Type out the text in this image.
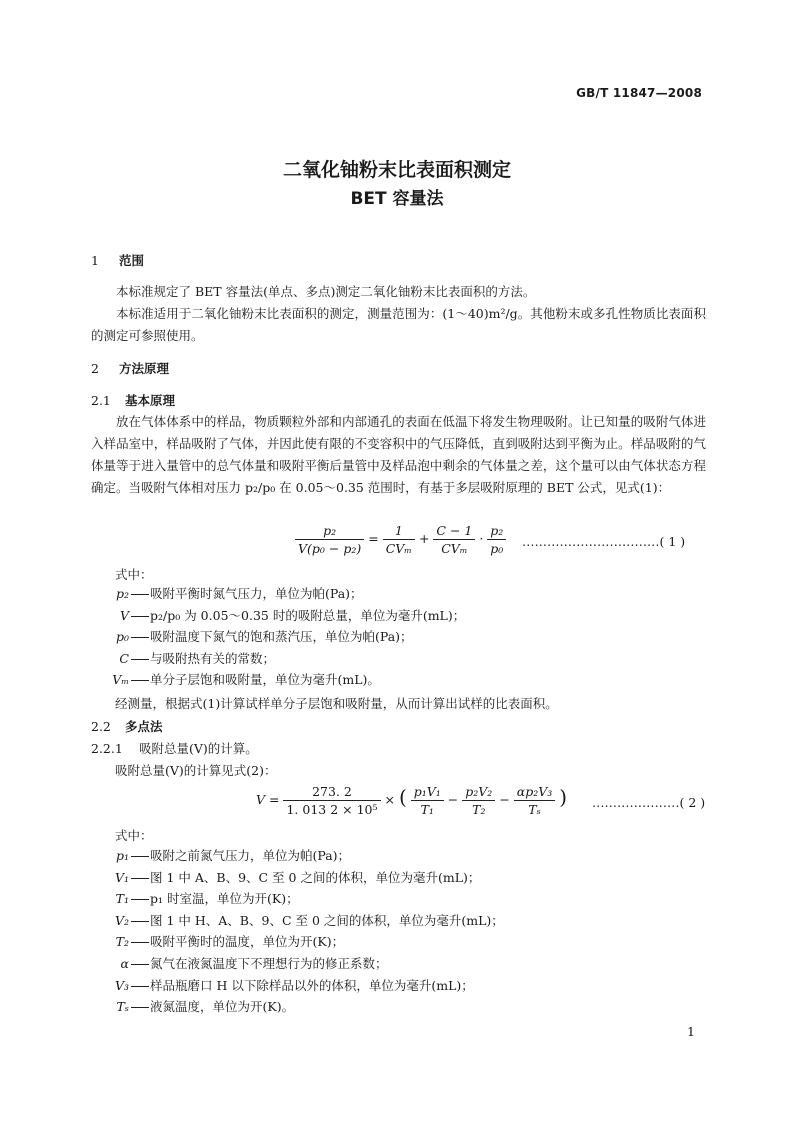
GB/T 11847—2008
二氧化铀粉末比表面积测定
BET 容量法
1 范围
本标准规定了 BET 容量法(单点、多点)测定二氧化铀粉末比表面积的方法。
本标准适用于二氧化铀粉末比表面积的测定，测量范围为：(1～40)m²/g。其他粉末或多孔性物质比表面积的测定可参照使用。
2 方法原理
2.1 基本原理
放在气体体系中的样品，物质颗粒外部和内部通孔的表面在低温下将发生物理吸附。让已知量的吸附气体进入样品室中，样品吸附了气体，并因此使有限的不变容积中的气压降低，直到吸附达到平衡为止。样品吸附的气体量等于进入量管中的总气体量和吸附平衡后量管中及样品泡中剩余的气体量之差，这个量可以由气体状态方程确定。当吸附气体相对压力 p₂/p₀ 在 0.05～0.35 范围时，有基于多层吸附原理的 BET 公式，见式(1)：
$\frac{\text{p₂}}{\text{V(p₀ − p₂)}} = \frac{1}{\text{CVₘ}} + \frac{C - 1}{\text{CVₘ}} \cdot \frac{\text{p₂}}{\text{p₀}}$ ……………………………( 1 )
式中：
p₂ 吸附平衡时氮气压力，单位为帕(Pa)；
V p₂/p₀ 为 0.05～0.35 时的吸附总量，单位为毫升(mL)；
p₀ 吸附温度下氮气的饱和蒸汽压，单位为帕(Pa)；
C 与吸附热有关的常数；
Vₘ 单分子层饱和吸附量，单位为毫升(mL)。
经测量，根据式(1)计算试样单分子层饱和吸附量，从而计算出试样的比表面积。
2.2 多点法
2.2.1 吸附总量(V)的计算。
吸附总量(V)的计算见式(2)：
$V = \frac{273. 2}{\text{1. 013 2 × 10⁵}}$ × ( $\frac{\text{p₁V₁}}{\text{T₁}} - \frac{\text{p₂V₂}}{\text{T₂}} - \frac{\text{αp₂V₃}}{\text{Tₛ}}$ ) …………………( 2 )
式中：
p₁ 吸附之前氮气压力，单位为帕(Pa)；
V₁ 图 1 中 A、B、9、C 至 0 之间的体积，单位为毫升(mL)；
T₁ p₁ 时室温，单位为开(K)；
V₂ 图 1 中 H、A、B、9、C 至 0 之间的体积，单位为毫升(mL)；
T₂ 吸附平衡时的温度，单位为开(K)；
α 氮气在液氮温度下不理想行为的修正系数；
V₃ 样品瓶磨口 H 以下除样品以外的体积，单位为毫升(mL)；
Tₛ 液氮温度，单位为开(K)。
1
